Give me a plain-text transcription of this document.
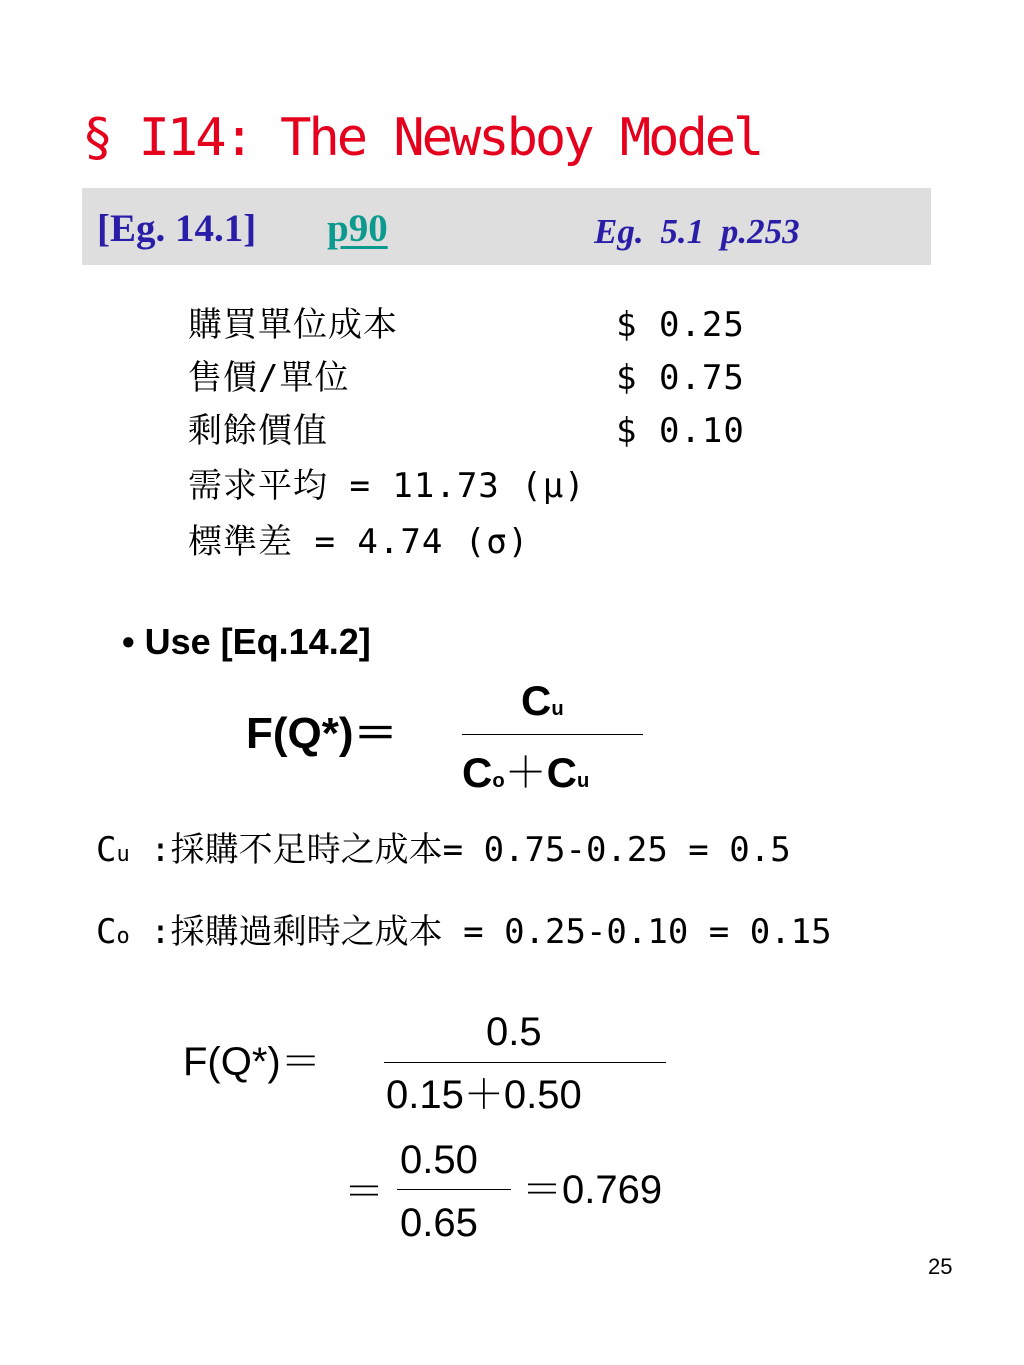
§ I14: The Newsboy Model
[Eg. 14.1] p90	Eg. 5.1 p.253
購買單位成本	$ 0.25
售價/單位	$ 0.75
剩餘價值	$ 0.10
需求平均 = 11.73 (μ)
標準差 = 4.74 (σ)
• Use [Eq.14.2]
F(Q*)＝
Cu
Co＋Cu
Cu :採購不足時之成本= 0.75-0.25 = 0.5
Co :採購過剩時之成本 = 0.25-0.10 = 0.15
F(Q*)＝
0.5
0.15＋0.50
＝
0.50
0.65
＝0.769
25
